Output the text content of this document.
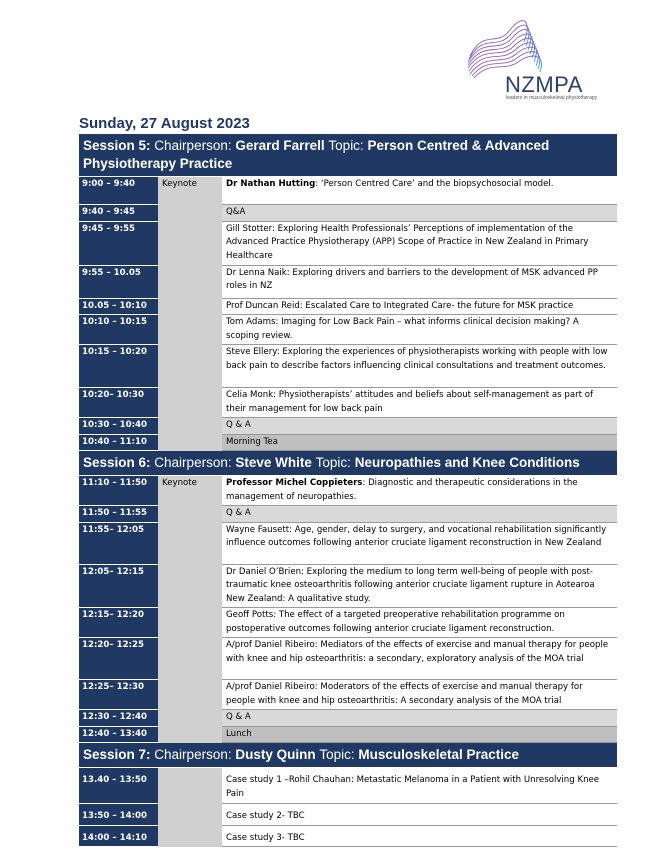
NZMPA
leaders in musculoskeletal physiotherapy
Sunday, 27 August 2023
Session 5: Chairperson: Gerard Farrell Topic: Person Centred & Advanced Physiotherapy Practice		
9:00 – 9:40	Keynote	Dr Nathan Hutting: ‘Person Centred Care’ and the biopsychosocial model.
9:40 – 9:45		Q&A
9:45 – 9:55		Gill Stotter: Exploring Health Professionals’ Perceptions of implementation of the Advanced Practice Physiotherapy (APP) Scope of Practice in New Zealand in Primary Healthcare
9:55 – 10.05		Dr Lenna Naik: Exploring drivers and barriers to the development of MSK advanced PP roles in NZ
10.05 – 10:10		Prof Duncan Reid: Escalated Care to Integrated Care- the future for MSK practice
10:10 – 10:15		Tom Adams: Imaging for Low Back Pain – what informs clinical decision making? A scoping review.
10:15 – 10:20		Steve Ellery: Exploring the experiences of physiotherapists working with people with low back pain to describe factors influencing clinical consultations and treatment outcomes.
10:20– 10:30		Celia Monk: Physiotherapists’ attitudes and beliefs about self-management as part of their management for low back pain
10:30 – 10:40		Q & A
10:40 – 11:10		Morning Tea
Session 6: Chairperson: Steve White Topic: Neuropathies and Knee Conditions		
11:10 – 11:50	Keynote	Professor Michel Coppieters: Diagnostic and therapeutic considerations in the management of neuropathies.
11:50 – 11:55		Q & A
11:55– 12:05		Wayne Fausett: Age, gender, delay to surgery, and vocational rehabilitation significantly influence outcomes following anterior cruciate ligament reconstruction in New Zealand
12:05– 12:15		Dr Daniel O’Brien: Exploring the medium to long term well-being of people with post-traumatic knee osteoarthritis following anterior cruciate ligament rupture in Aotearoa New Zealand: A qualitative study.
12:15– 12:20		Geoff Potts: The effect of a targeted preoperative rehabilitation programme on postoperative outcomes following anterior cruciate ligament reconstruction.
12:20– 12:25		A/prof Daniel Ribeiro: Mediators of the effects of exercise and manual therapy for people with knee and hip osteoarthritis: a secondary, exploratory analysis of the MOA trial
12:25– 12:30		A/prof Daniel Ribeiro: Moderators of the effects of exercise and manual therapy for people with knee and hip osteoarthritis: A secondary analysis of the MOA trial
12:30 – 12:40		Q & A
12:40 – 13:40		Lunch
Session 7: Chairperson: Dusty Quinn Topic: Musculoskeletal Practice		
13.40 – 13:50		Case study 1 –Rohil Chauhan: Metastatic Melanoma in a Patient with Unresolving Knee Pain
13:50 – 14:00		Case study 2- TBC
14:00 – 14:10		Case study 3- TBC
